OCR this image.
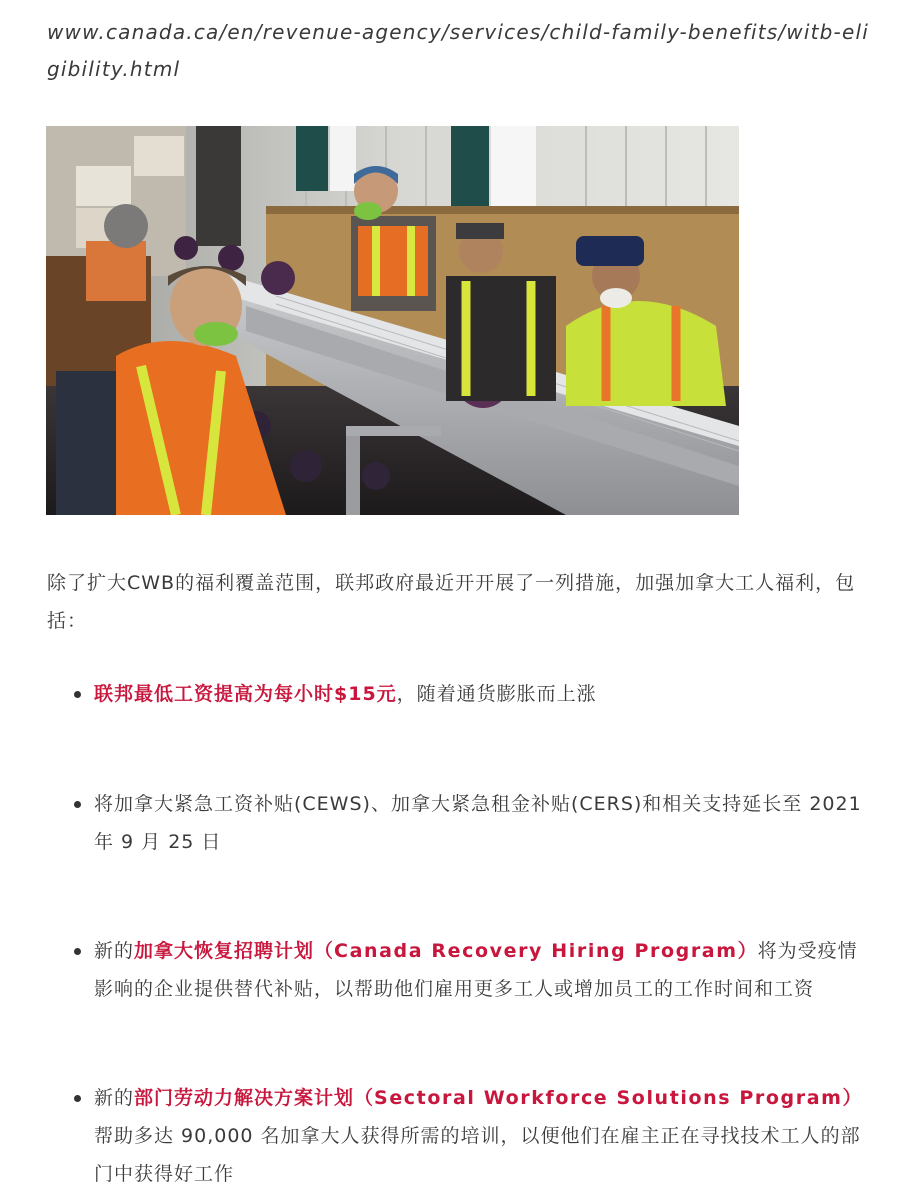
www.canada.ca/en/revenue-agency/services/child-family-benefits/witb-eligibility.html
除了扩大CWB的福利覆盖范围，联邦政府最近开开展了一列措施，加强加拿大工人福利，包括：
联邦最低工资提高为每小时$15元，随着通货膨胀而上涨
将加拿大紧急工资补贴(CEWS)、加拿大紧急租金补贴(CERS)和相关支持延长至 2021 年 9 月 25 日
新的加拿大恢复招聘计划（Canada Recovery Hiring Program）将为受疫情影响的企业提供替代补贴，以帮助他们雇用更多工人或增加员工的工作时间和工资
新的部门劳动力解决方案计划（Sectoral Workforce Solutions Program）帮助多达 90,000 名加拿大人获得所需的培训，以便他们在雇主正在寻找技术工人的部门中获得好工作
